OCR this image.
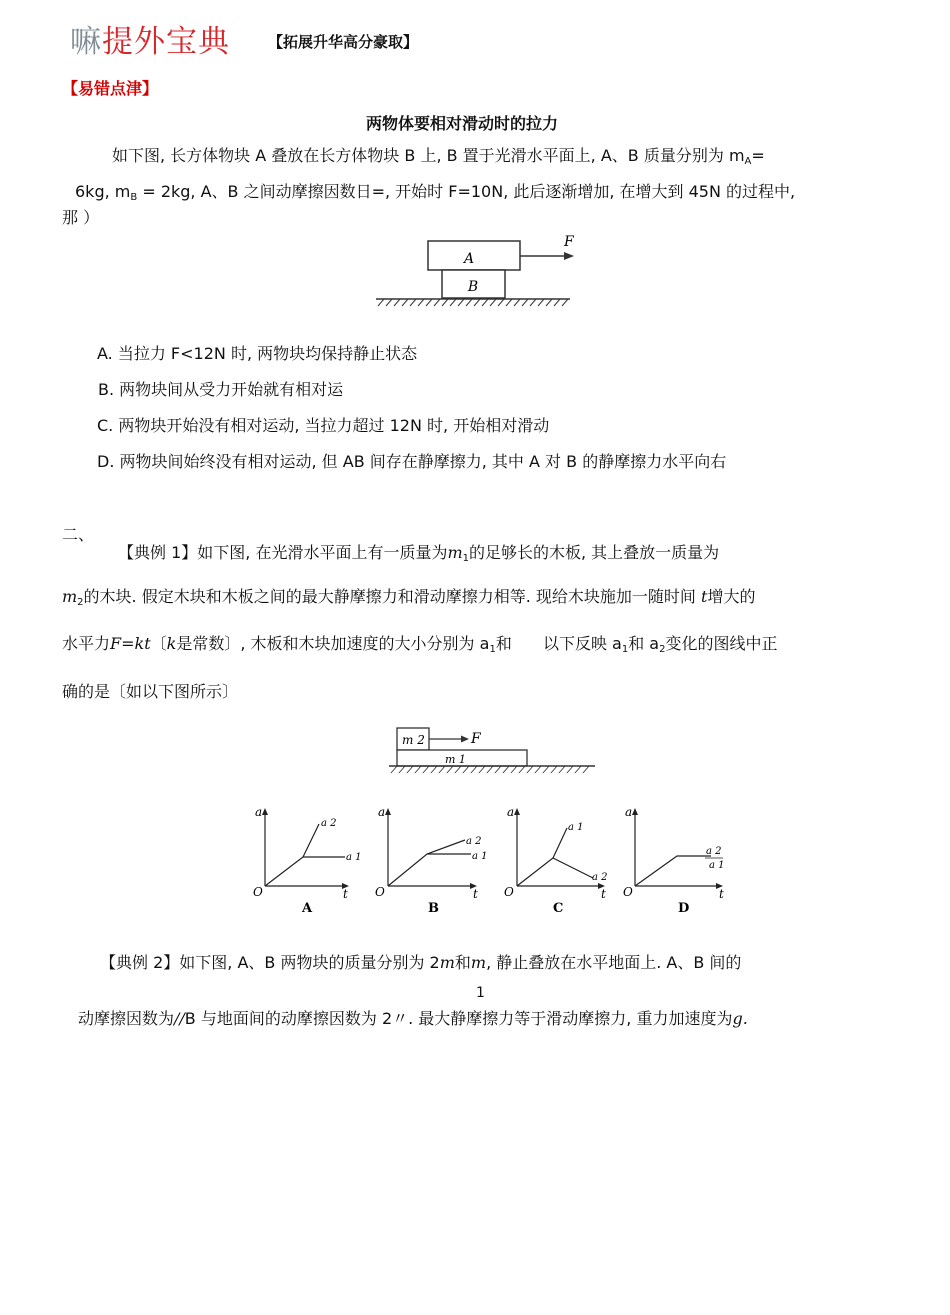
嘛提外宝典	【拓展升华高分豪取】
【易错点津】
两物体要相对滑动时的拉力
如下图, 长方体物块 A 叠放在长方体物块 B 上, B 置于光滑水平面上, A、B 质量分别为 $m_A=$
6kg, $m_B = 2kg$, A、B 之间动摩擦因数日=, 开始时 F=10N, 此后逐渐增加, 在增大到 45N 的过程中,
那 ）
A
B
F
A. 当拉力 F<12N 时, 两物块均保持静止状态
B. 两物块间从受力开始就有相对运
C. 两物块开始没有相对运动, 当拉力超过 12N 时, 开始相对滑动
D. 两物块间始终没有相对运动, 但 AB 间存在静摩擦力, 其中 A 对 B 的静摩擦力水平向右
二、
【典例 1】如下图, 在光滑水平面上有一质量为$m_1$的足够长的木板, 其上叠放一质量为
$m_2$的木块. 假定木块和木板之间的最大静摩擦力和滑动摩擦力相等. 现给木块施加一随时间 t增大的
水平力F=kt〔k是常数〕, 木板和木块加速度的大小分别为 $a_1$和 以下反映 $a_1$和 $a_2$变化的图线中正
确的是〔如以下图所示〕
m 2
m 1
F
a
O	t
a 2
a 1
A
a
O	t
a 2
a 1
B
a
O	t
a 1
a 2
C
a
O	t
a 2
a 1
D
【典例 2】如下图, A、B 两物块的质量分别为 2m和m, 静止叠放在水平地面上. A、B 间的
1
动摩擦因数为//B 与地面间的动摩擦因数为 2〃. 最大静摩擦力等于滑动摩擦力, 重力加速度为g.
